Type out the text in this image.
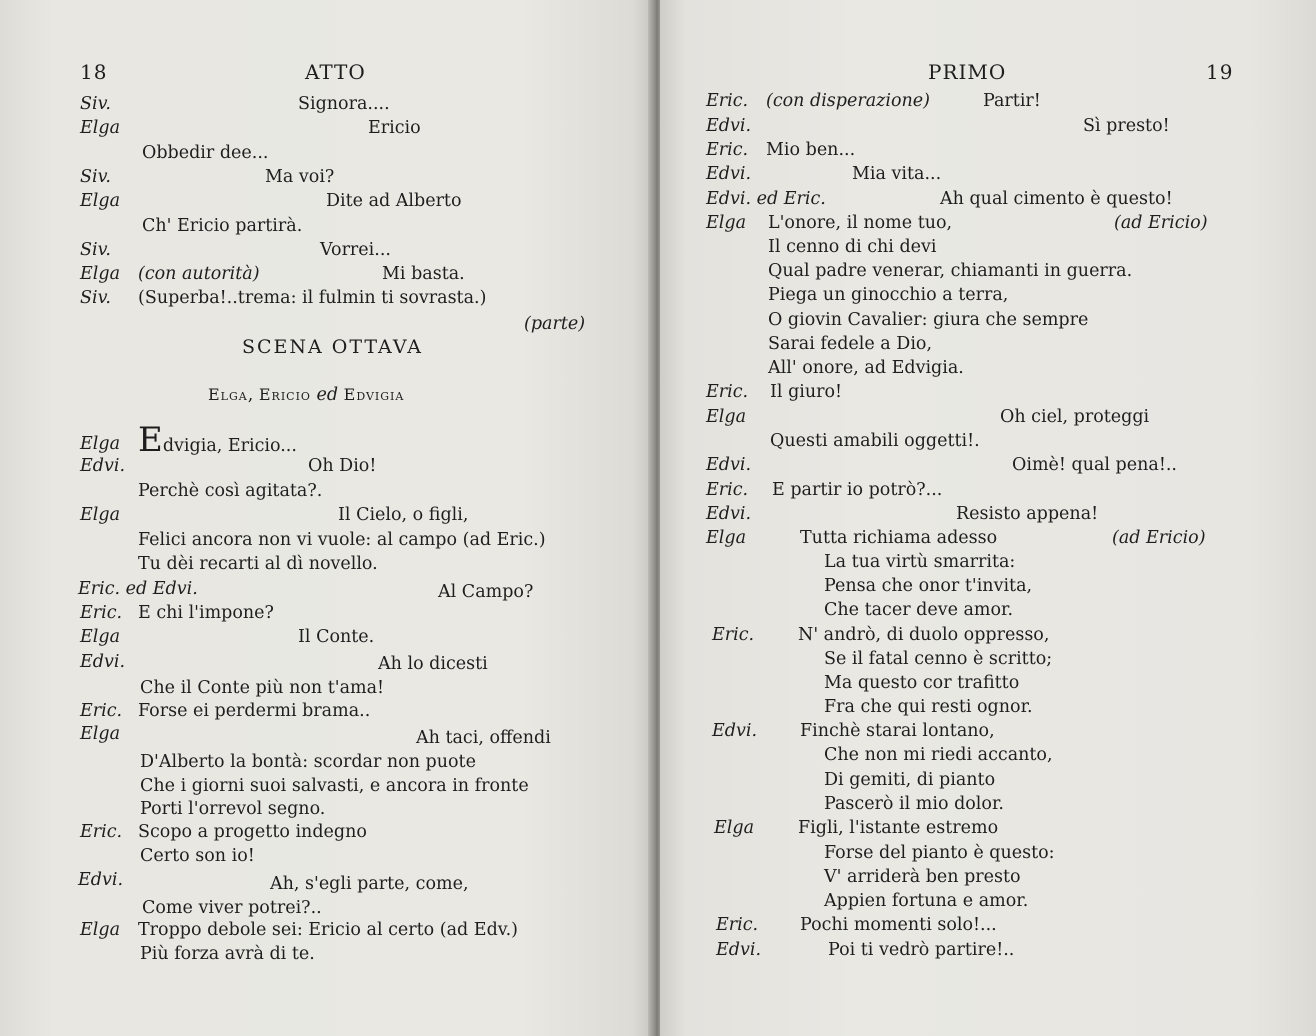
18	ATTO
Siv.	Signora....
Elga	Ericio
Obbedir dee...
Siv.	Ma voi?
Elga	Dite ad Alberto
Ch' Ericio partirà.
Siv.	Vorrei...
Elga (con autorità)	Mi basta.
Siv. (Superba!..trema: il fulmin ti sovrasta.)
(parte)
SCENA OTTAVA
Elga, Ericio ed Edvigia
Elga Edvigia, Ericio...
Edvi.	Oh Dio!
Perchè così agitata?.
Elga	Il Cielo, o figli,
Felici ancora non vi vuole: al campo (ad Eric.)
Tu dèi recarti al dì novello.
Eric. ed Edvi.	Al Campo?
Eric. E chi l'impone?
Elga	Il Conte.
Edvi.	Ah lo dicesti
Che il Conte più non t'ama!
Eric. Forse ei perdermi brama..
Elga	Ah taci, offendi
D'Alberto la bontà: scordar non puote
Che i giorni suoi salvasti, e ancora in fronte
Porti l'orrevol segno.
Eric. Scopo a progetto indegno
Certo son io!
Edvi.	Ah, s'egli parte, come,
Come viver potrei?..
Elga Troppo debole sei: Ericio al certo (ad Edv.)
Più forza avrà di te.
PRIMO	19
Eric. (con disperazione)	Partir!
Edvi.	Sì presto!
Eric. Mio ben...
Edvi.	Mia vita...
Edvi. ed Eric.	Ah qual cimento è questo!
Elga L'onore, il nome tuo,	(ad Ericio)
Il cenno di chi devi
Qual padre venerar, chiamanti in guerra.
Piega un ginocchio a terra,
O giovin Cavalier: giura che sempre
Sarai fedele a Dio,
All' onore, ad Edvigia.
Eric. Il giuro!
Elga	Oh ciel, proteggi
Questi amabili oggetti!.
Edvi.	Oimè! qual pena!..
Eric. E partir io potrò?...
Edvi.	Resisto appena!
Elga	Tutta richiama adesso	(ad Ericio)
La tua virtù smarrita:
Pensa che onor t'invita,
Che tacer deve amor.
Eric.	N' andrò, di duolo oppresso,
Se il fatal cenno è scritto;
Ma questo cor trafitto
Fra che qui resti ognor.
Edvi. Finchè starai lontano,
Che non mi riedi accanto,
Di gemiti, di pianto
Pascerò il mio dolor.
Elga	Figli, l'istante estremo
Forse del pianto è questo:
V' arriderà ben presto
Appien fortuna e amor.
Eric. Pochi momenti solo!...
Edvi.	Poi ti vedrò partire!..
